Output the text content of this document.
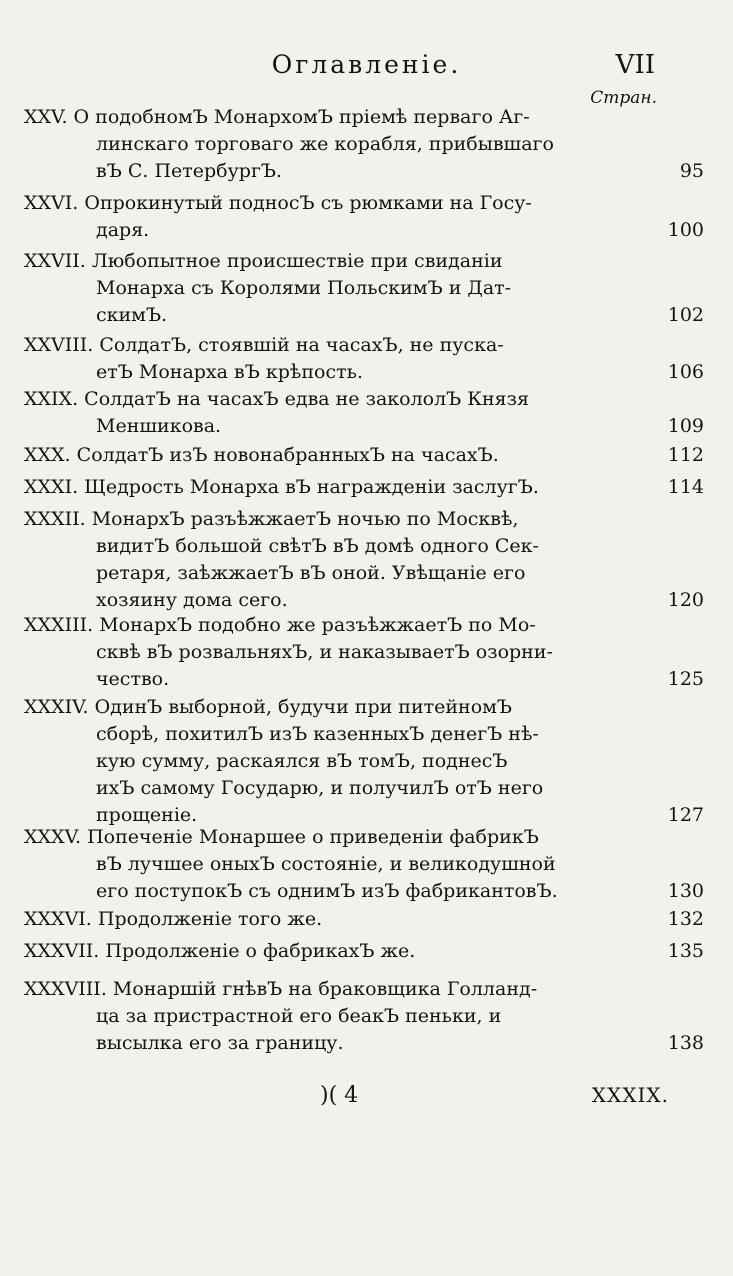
Оглавленіе.	VII
Стран.
XXV. О подобномЪ МонархомЪ пріемѣ перваго Аг-
линскаго торговаго же корабля, прибывшаго
вЪ С. ПетербургЪ.	95
XXVI. Опрокинутый подносЪ съ рюмками на Госу-
даря.	100
XXVII. Любопытное происшествіе при свиданіи
Монарха съ Королями ПольскимЪ и Дат-
скимЪ.	102
XXVIII. СолдатЪ, стоявшій на часахЪ, не пуска-
етЪ Монарха вЪ крѣпость.	106
XXIX. СолдатЪ на часахЪ едва не закололЪ Князя
Меншикова.	109
XXX. СолдатЪ изЪ новонабранныхЪ на часахЪ.	112
XXXI. Щедрость Монарха вЪ награжденіи заслугЪ.	114
XXXII. МонархЪ разъѣжжаетЪ ночью по Москвѣ,
видитЪ большой свѣтЪ вЪ домѣ одного Сек-
ретаря, заѣжжаетЪ вЪ оной. Увѣщаніе его
хозяину дома сего.	120
XXXIII. МонархЪ подобно же разъѣжжаетЪ по Мо-
сквѣ вЪ розвальняхЪ, и наказываетЪ озорни-
чество.	125
XXXIV. ОдинЪ выборной, будучи при питейномЪ
сборѣ, похитилЪ изЪ казенныхЪ денегЪ нѣ-
кую сумму, раскаялся вЪ томЪ, поднесЪ
ихЪ самому Государю, и получилЪ отЪ него
прощеніе.	127
XXXV. Попеченіе Монаршее о приведеніи фабрикЪ
вЪ лучшее оныхЪ состояніе, и великодушной
его поступокЪ съ однимЪ изЪ фабрикантовЪ.	130
XXXVI. Продолженіе того же.	132
XXXVII. Продолженіе о фабрикахЪ же.	135
XXXVIII. Монаршій гнѣвЪ на браковщика Голланд-
ца за пристрастной его беакЪ пеньки, и
высылка его за границу.	138
)( 4	XXXIX.
